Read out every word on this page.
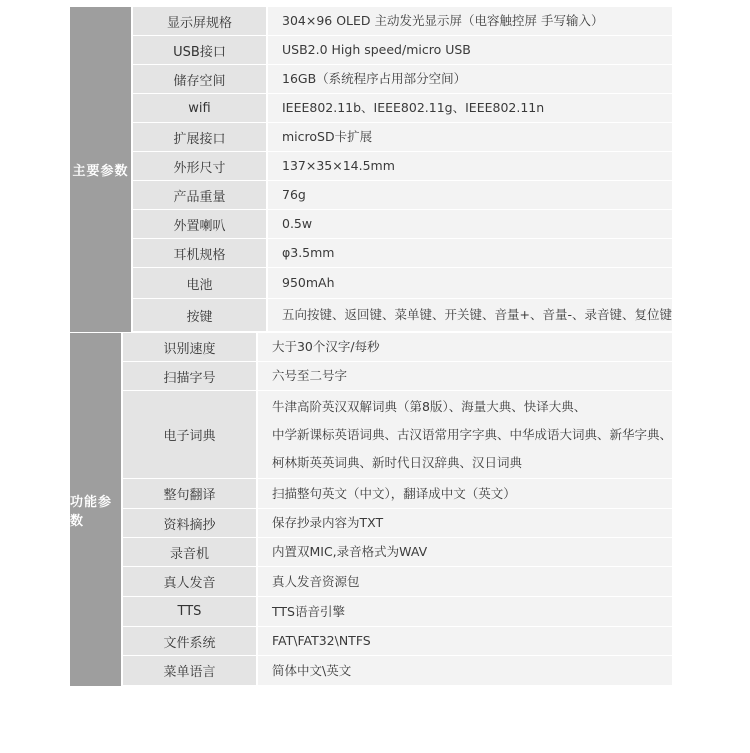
主要参数
显示屏规格	304×96 OLED 主动发光显示屏（电容触控屏 手写输入）
USB接口	USB2.0 High speed/micro USB
储存空间	16GB（系统程序占用部分空间）
wifi	IEEE802.11b、IEEE802.11g、IEEE802.11n
扩展接口	microSD卡扩展
外形尺寸	137×35×14.5mm
产品重量	76g
外置喇叭	0.5w
耳机规格	φ3.5mm
电池	950mAh
按键	五向按键、返回键、菜单键、开关键、音量+、音量-、录音键、复位键
功能参数
识别速度	大于30个汉字/每秒
扫描字号	六号至二号字
电子词典
牛津高阶英汉双解词典（第8版）、海量大典、快译大典、
中学新课标英语词典、古汉语常用字字典、中华成语大词典、新华字典、
柯林斯英英词典、新时代日汉辞典、汉日词典
整句翻译	扫描整句英文（中文），翻译成中文（英文）
资料摘抄	保存抄录内容为TXT
录音机	内置双MIC,录音格式为WAV
真人发音	真人发音资源包
TTS	TTS语音引擎
文件系统	FAT\FAT32\NTFS
菜单语言	简体中文\英文
